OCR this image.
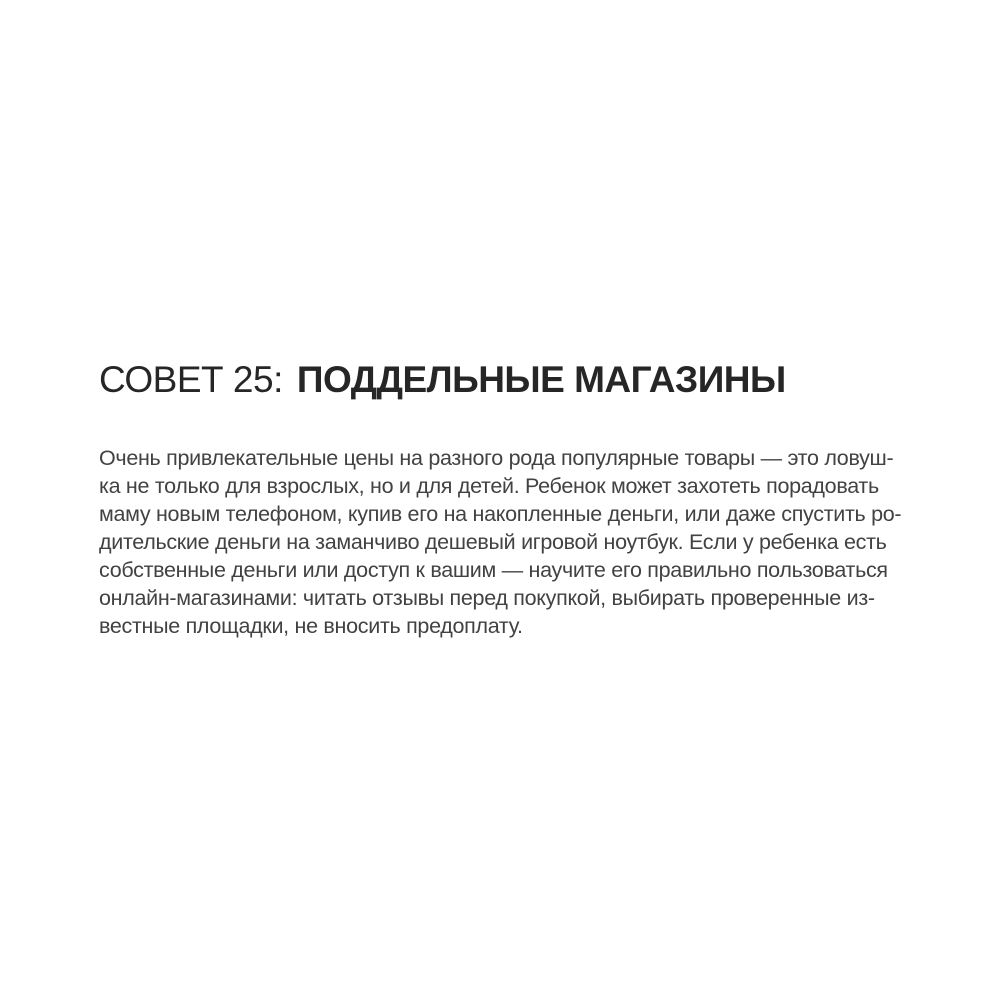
СОВЕТ 25: ПОДДЕЛЬНЫЕ МАГАЗИНЫ
Очень привлекательные цены на разного рода популярные товары — это ловуш-
ка не только для взрослых, но и для детей. Ребенок может захотеть порадовать
маму новым телефоном, купив его на накопленные деньги, или даже спустить ро-
дительские деньги на заманчиво дешевый игровой ноутбук. Если у ребенка есть
собственные деньги или доступ к вашим — научите его правильно пользоваться
онлайн-магазинами: читать отзывы перед покупкой, выбирать проверенные из-
вестные площадки, не вносить предоплату.
